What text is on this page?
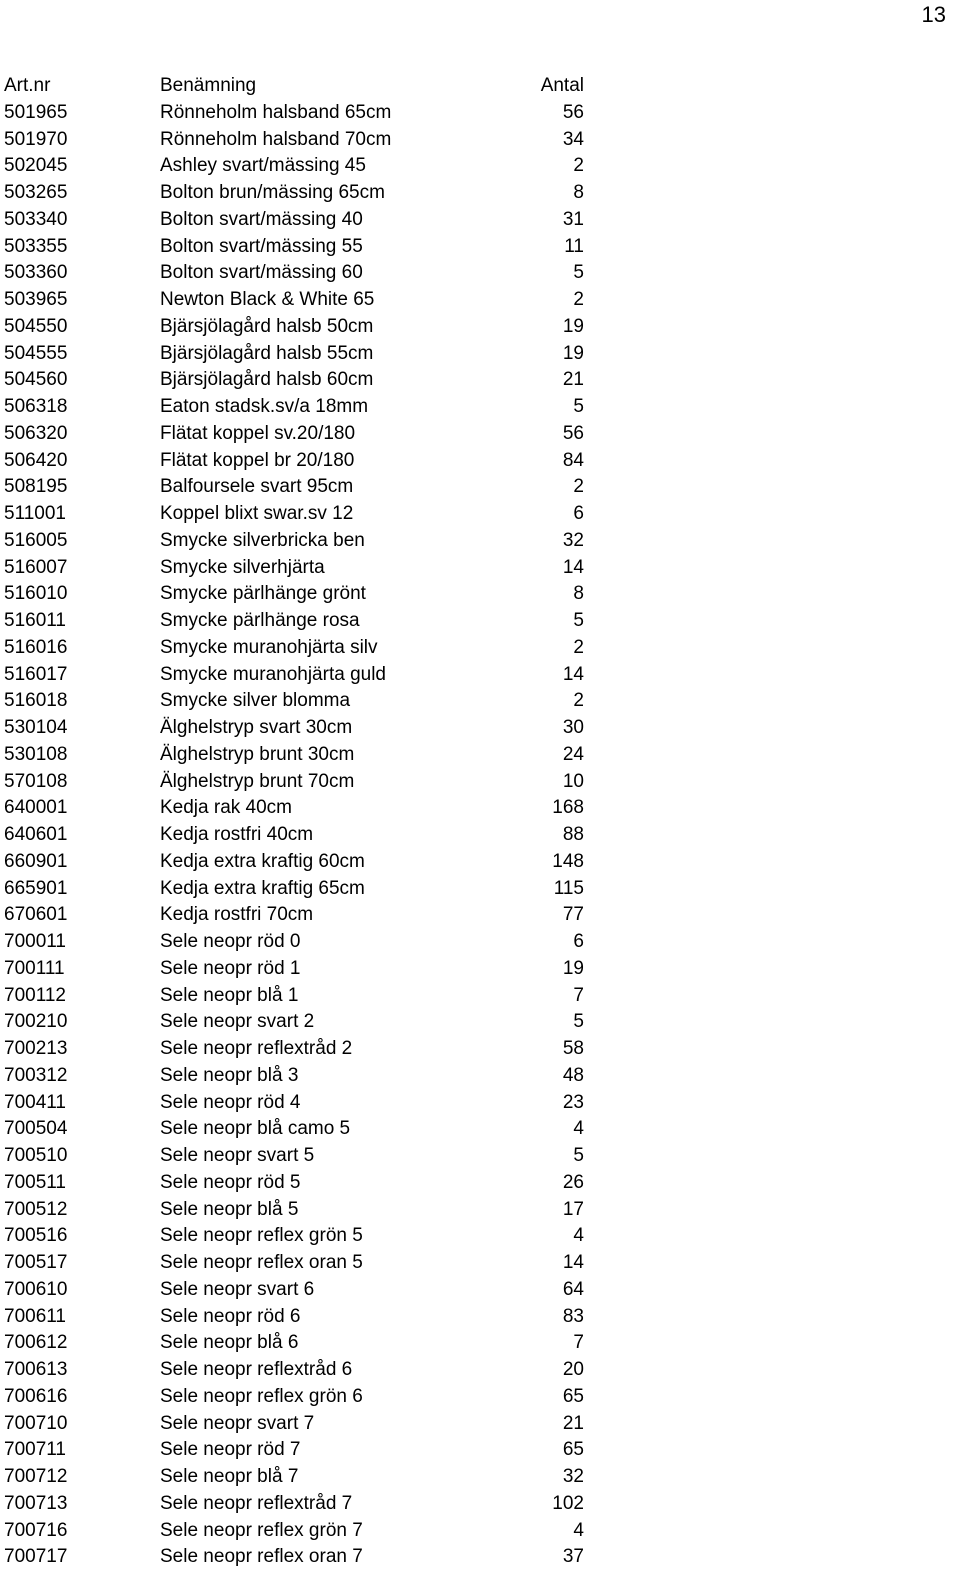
13
Art.nr	Benämning	Antal
501965	Rönneholm halsband 65cm	56
501970	Rönneholm halsband 70cm	34
502045	Ashley svart/mässing 45	2
503265	Bolton brun/mässing 65cm	8
503340	Bolton svart/mässing 40	31
503355	Bolton svart/mässing 55	11
503360	Bolton svart/mässing 60	5
503965	Newton Black & White 65	2
504550	Bjärsjölagård halsb 50cm	19
504555	Bjärsjölagård halsb 55cm	19
504560	Bjärsjölagård halsb 60cm	21
506318	Eaton stadsk.sv/a 18mm	5
506320	Flätat koppel sv.20/180	56
506420	Flätat koppel br 20/180	84
508195	Balfoursele svart 95cm	2
511001	Koppel blixt swar.sv 12	6
516005	Smycke silverbricka ben	32
516007	Smycke silverhjärta	14
516010	Smycke pärlhänge grönt	8
516011	Smycke pärlhänge rosa	5
516016	Smycke muranohjärta silv	2
516017	Smycke muranohjärta guld	14
516018	Smycke silver blomma	2
530104	Älghelstryp svart 30cm	30
530108	Älghelstryp brunt 30cm	24
570108	Älghelstryp brunt 70cm	10
640001	Kedja rak 40cm	168
640601	Kedja rostfri 40cm	88
660901	Kedja extra kraftig 60cm	148
665901	Kedja extra kraftig 65cm	115
670601	Kedja rostfri 70cm	77
700011	Sele neopr röd 0	6
700111	Sele neopr röd 1	19
700112	Sele neopr blå 1	7
700210	Sele neopr svart 2	5
700213	Sele neopr reflextråd 2	58
700312	Sele neopr blå 3	48
700411	Sele neopr röd 4	23
700504	Sele neopr blå camo 5	4
700510	Sele neopr svart 5	5
700511	Sele neopr röd 5	26
700512	Sele neopr blå 5	17
700516	Sele neopr reflex grön 5	4
700517	Sele neopr reflex oran 5	14
700610	Sele neopr svart 6	64
700611	Sele neopr röd 6	83
700612	Sele neopr blå 6	7
700613	Sele neopr reflextråd 6	20
700616	Sele neopr reflex grön 6	65
700710	Sele neopr svart 7	21
700711	Sele neopr röd 7	65
700712	Sele neopr blå 7	32
700713	Sele neopr reflextråd 7	102
700716	Sele neopr reflex grön 7	4
700717	Sele neopr reflex oran 7	37
